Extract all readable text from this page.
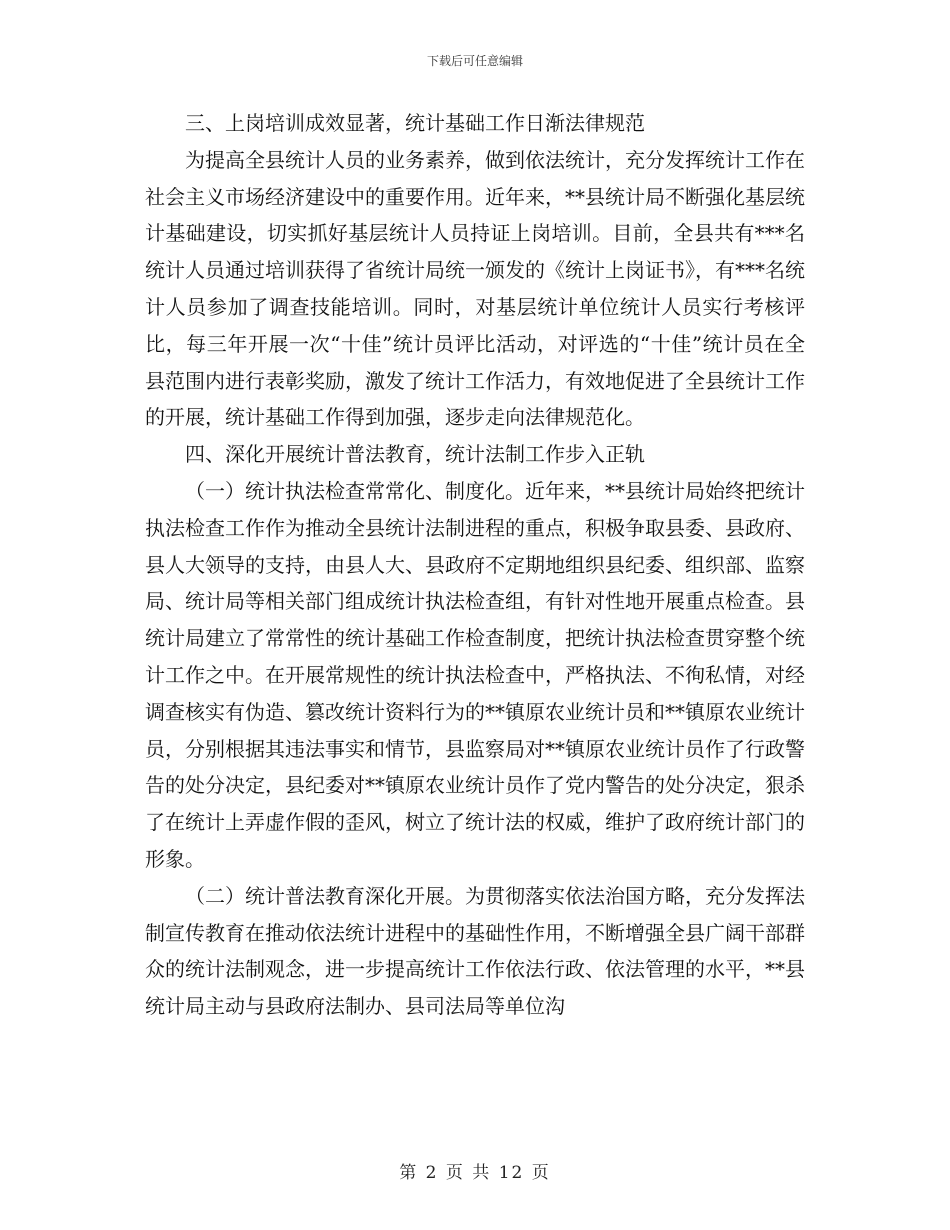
下载后可任意编辑

三、上岗培训成效显著，统计基础工作日渐法律规范

为提高全县统计人员的业务素养，做到依法统计，充分发挥统计工作在社会主义市场经济建设中的重要作用。近年来，**县统计局不断强化基层统计基础建设，切实抓好基层统计人员持证上岗培训。目前，全县共有***名统计人员通过培训获得了省统计局统一颁发的《统计上岗证书》，有***名统计人员参加了调查技能培训。同时，对基层统计单位统计人员实行考核评比，每三年开展一次“十佳”统计员评比活动，对评选的“十佳”统计员在全县范围内进行表彰奖励，激发了统计工作活力，有效地促进了全县统计工作的开展，统计基础工作得到加强，逐步走向法律规范化。

四、深化开展统计普法教育，统计法制工作步入正轨

（一）统计执法检查常常化、制度化。近年来，**县统计局始终把统计执法检查工作作为推动全县统计法制进程的重点，积极争取县委、县政府、县人大领导的支持，由县人大、县政府不定期地组织县纪委、组织部、监察局、统计局等相关部门组成统计执法检查组，有针对性地开展重点检查。县统计局建立了常常性的统计基础工作检查制度，把统计执法检查贯穿整个统计工作之中。在开展常规性的统计执法检查中，严格执法、不徇私情，对经调查核实有伪造、篡改统计资料行为的**镇原农业统计员和**镇原农业统计员，分别根据其违法事实和情节，县监察局对**镇原农业统计员作了行政警告的处分决定，县纪委对**镇原农业统计员作了党内警告的处分决定，狠杀了在统计上弄虚作假的歪风，树立了统计法的权威，维护了政府统计部门的形象。

（二）统计普法教育深化开展。为贯彻落实依法治国方略，充分发挥法制宣传教育在推动依法统计进程中的基础性作用，不断增强全县广阔干部群众的统计法制观念，进一步提高统计工作依法行政、依法管理的水平，**县统计局主动与县政府法制办、县司法局等单位沟

第 2 页 共 12 页
